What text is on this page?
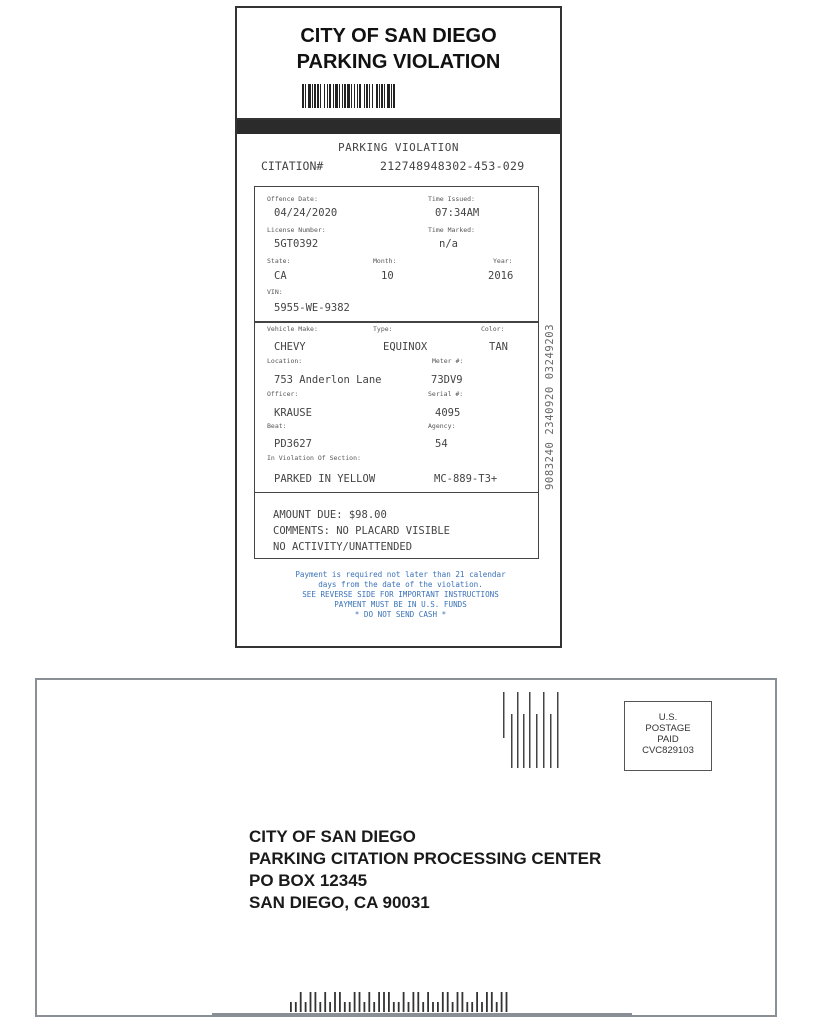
CITY OF SAN DIEGO
PARKING VIOLATION
PARKING VIOLATION
CITATION#	212748948302-453-029
Offence Date:
04/24/2020
Time Issued:
07:34AM
License Number:
5GT0392
Time Marked:
n/a
State:
CA
Month:
10
Year:
2016
VIN:
5955-WE-9382
Vehicle Make:
CHEVY
Type:
EQUINOX
Color:
TAN
Location:
753 Anderlon Lane
Meter #:
73DV9
Officer:
KRAUSE
Serial #:
4095
Beat:
PD3627
Agency:
54
In Violation Of Section:
PARKED IN YELLOW	MC-889-T3+
AMOUNT DUE: $98.00
COMMENTS: NO PLACARD VISIBLE
NO ACTIVITY/UNATTENDED
9083240 2340920 03249203
Payment is required not later than 21 calendar
days from the date of the violation.
SEE REVERSE SIDE FOR IMPORTANT INSTRUCTIONS
PAYMENT MUST BE IN U.S. FUNDS
* DO NOT SEND CASH *
U.S.
POSTAGE
PAID
CVC829103
CITY OF SAN DIEGO
PARKING CITATION PROCESSING CENTER
PO BOX 12345
SAN DIEGO, CA 90031
